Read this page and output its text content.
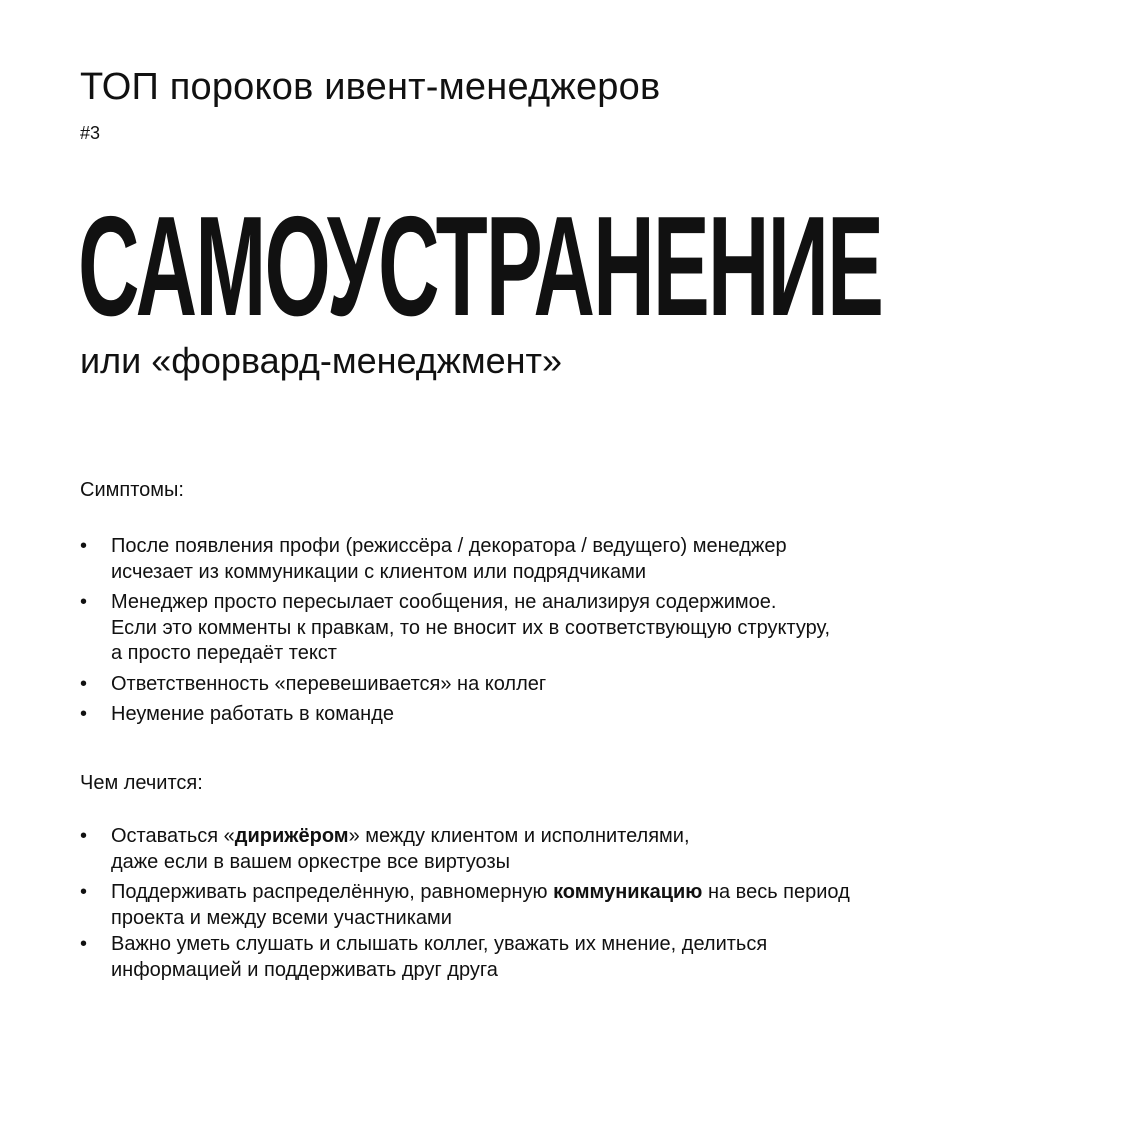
ТОП пороков ивент-менеджеров
#3
САМОУСТРАНЕНИЕ
или «форвард-менеджмент»
Симптомы:
• После появления профи (режиссёра / декоратора / ведущего) менеджер
исчезает из коммуникации с клиентом или подрядчиками
• Менеджер просто пересылает сообщения, не анализируя содержимое.
Если это комменты к правкам, то не вносит их в соответствующую структуру,
а просто передаёт текст
• Ответственность «перевешивается» на коллег
• Неумение работать в команде
Чем лечится:
• Оставаться «дирижёром» между клиентом и исполнителями,
даже если в вашем оркестре все виртуозы
• Поддерживать распределённую, равномерную коммуникацию на весь период
проекта и между всеми участниками
• Важно уметь слушать и слышать коллег, уважать их мнение, делиться
информацией и поддерживать друг друга
